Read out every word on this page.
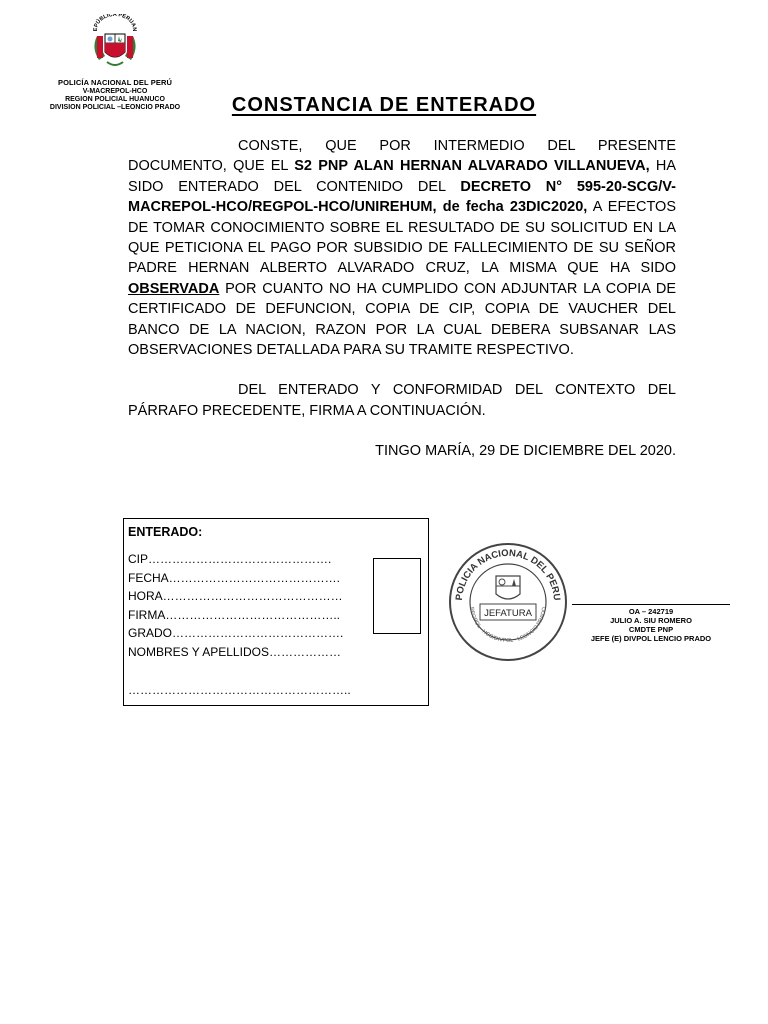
EPÚBLICA PERUAN
POLICÍA NACIONAL DEL PERÚ
V-MACREPOL-HCO
REGION POLICIAL HUANUCO
DIVISION POLICIAL –LEONCIO PRADO	CONSTANCIA DE ENTERADO

CONSTE, QUE POR INTERMEDIO DEL PRESENTE DOCUMENTO, QUE EL S2 PNP ALAN HERNAN ALVARADO VILLANUEVA, HA SIDO ENTERADO DEL CONTENIDO DEL DECRETO N° 595-20-SCG/V-MACREPOL-HCO/REGPOL-HCO/UNIREHUM, de fecha 23DIC2020, A EFECTOS DE TOMAR CONOCIMIENTO SOBRE EL RESULTADO DE SU SOLICITUD EN LA QUE PETICIONA EL PAGO POR SUBSIDIO DE FALLECIMIENTO DE SU SEÑOR PADRE HERNAN ALBERTO ALVARADO CRUZ, LA MISMA QUE HA SIDO OBSERVADA POR CUANTO NO HA CUMPLIDO CON ADJUNTAR LA COPIA DE CERTIFICADO DE DEFUNCION, COPIA DE CIP, COPIA DE VAUCHER DEL BANCO DE LA NACION, RAZON POR LA CUAL DEBERA SUBSANAR LAS OBSERVACIONES DETALLADA PARA SU TRAMITE RESPECTIVO.

DEL ENTERADO Y CONFORMIDAD DEL CONTEXTO DEL PÁRRAFO PRECEDENTE, FIRMA A CONTINUACIÓN.

TINGO MARÍA, 29 DE DICIEMBRE DEL 2020.

ENTERADO:
CIP……………………………………….
FECHA…………………………………….
HORA………………………………………
FIRMA……………………………………..
GRADO…………………………………….
NOMBRES Y APELLIDOS………………
………………………………………………..
POLICIA NACIONAL DEL PERU
REGPOL - HCO/DIVPOL - LEONCIO PRADO
JEFATURA	OA – 242719
JULIO A. SIU ROMERO
CMDTE PNP
JEFE (E) DIVPOL LENCIO PRADO
